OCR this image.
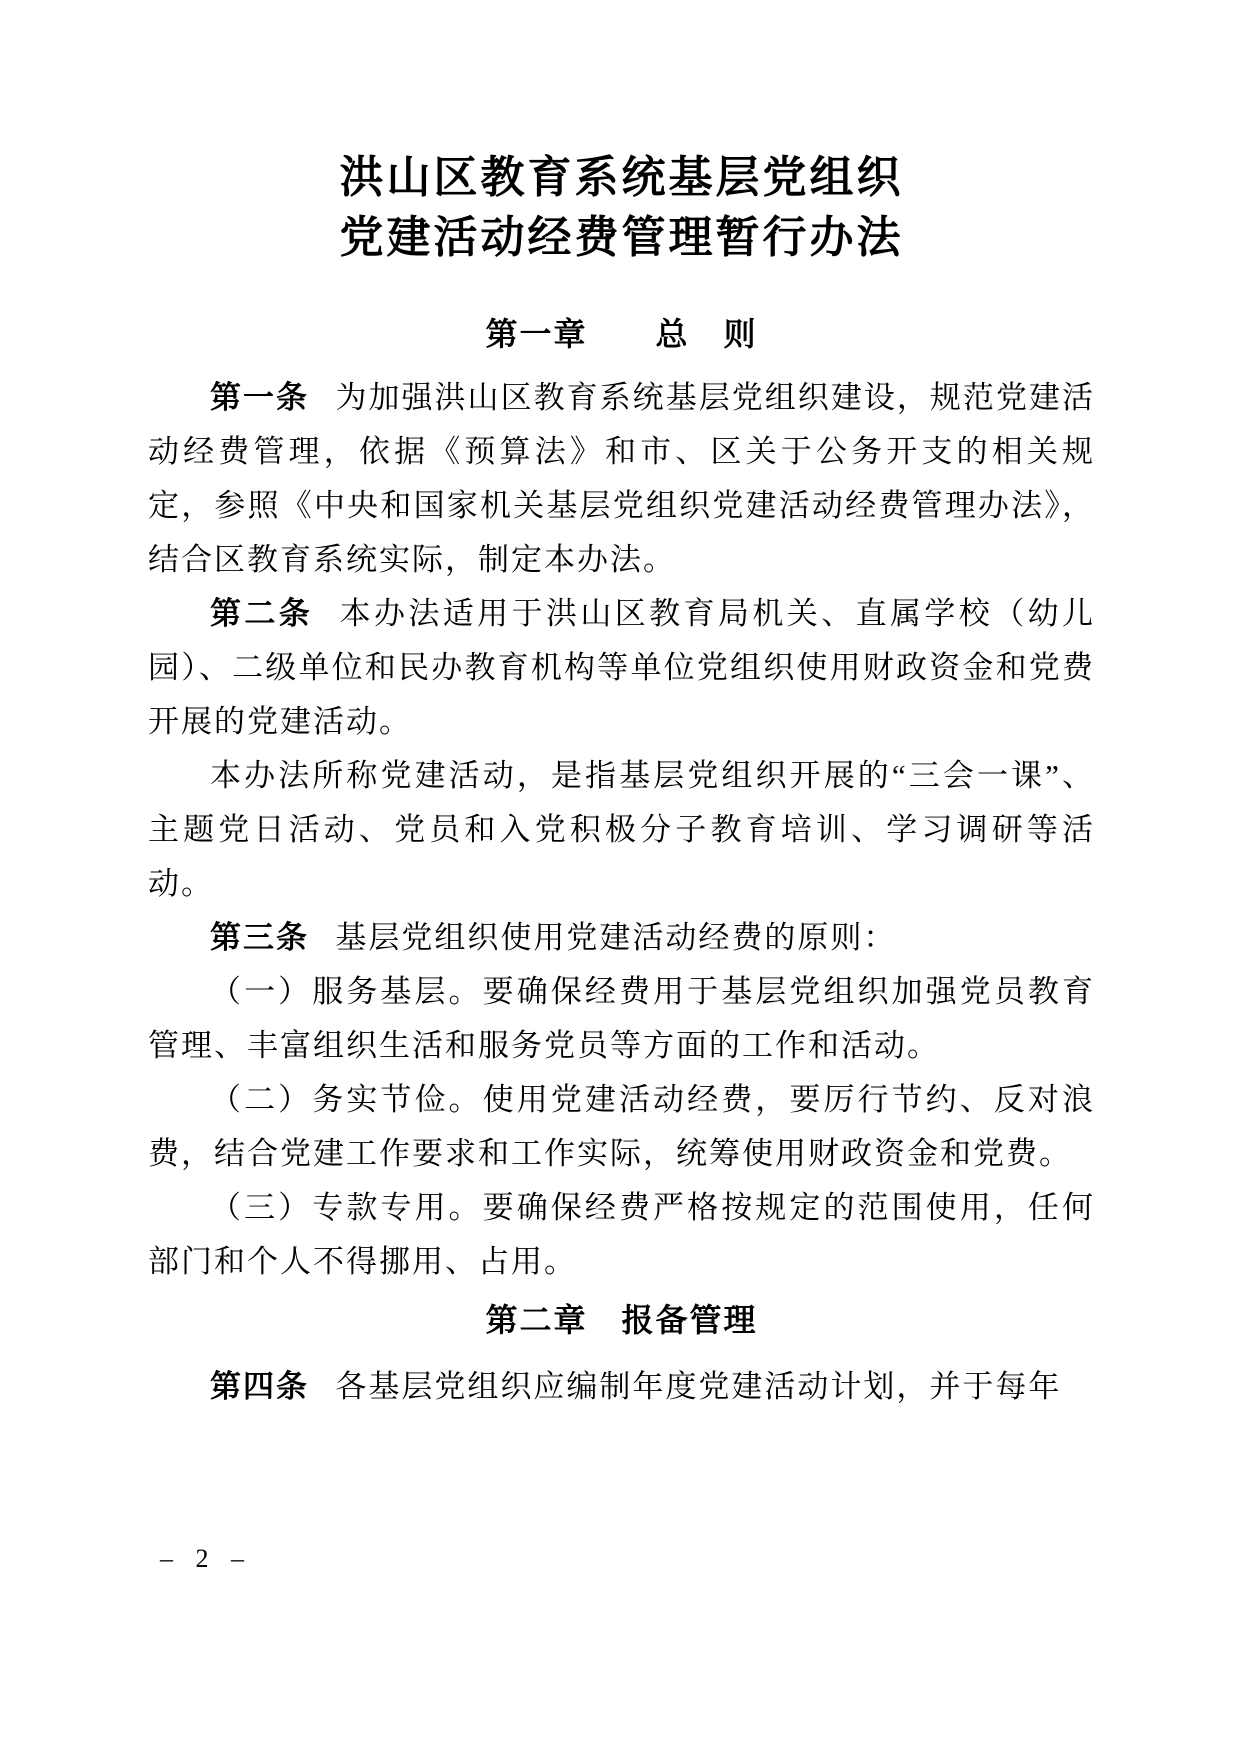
洪山区教育系统基层党组织
党建活动经费管理暂行办法
第一章　　总　则

第一条 为加强洪山区教育系统基层党组织建设，规范党建活动经费管理，依据《预算法》和市、区关于公务开支的相关规定，参照《中央和国家机关基层党组织党建活动经费管理办法》，结合区教育系统实际，制定本办法。

第二条 本办法适用于洪山区教育局机关、直属学校（幼儿园）、二级单位和民办教育机构等单位党组织使用财政资金和党费开展的党建活动。

本办法所称党建活动，是指基层党组织开展的“三会一课”、主题党日活动、党员和入党积极分子教育培训、学习调研等活动。

第三条 基层党组织使用党建活动经费的原则：

（一）服务基层。要确保经费用于基层党组织加强党员教育管理、丰富组织生活和服务党员等方面的工作和活动。

（二）务实节俭。使用党建活动经费，要厉行节约、反对浪费，结合党建工作要求和工作实际，统筹使用财政资金和党费。

（三）专款专用。要确保经费严格按规定的范围使用，任何部门和个人不得挪用、占用。

第二章　报备管理

第四条 各基层党组织应编制年度党建活动计划，并于每年

– 2 –
